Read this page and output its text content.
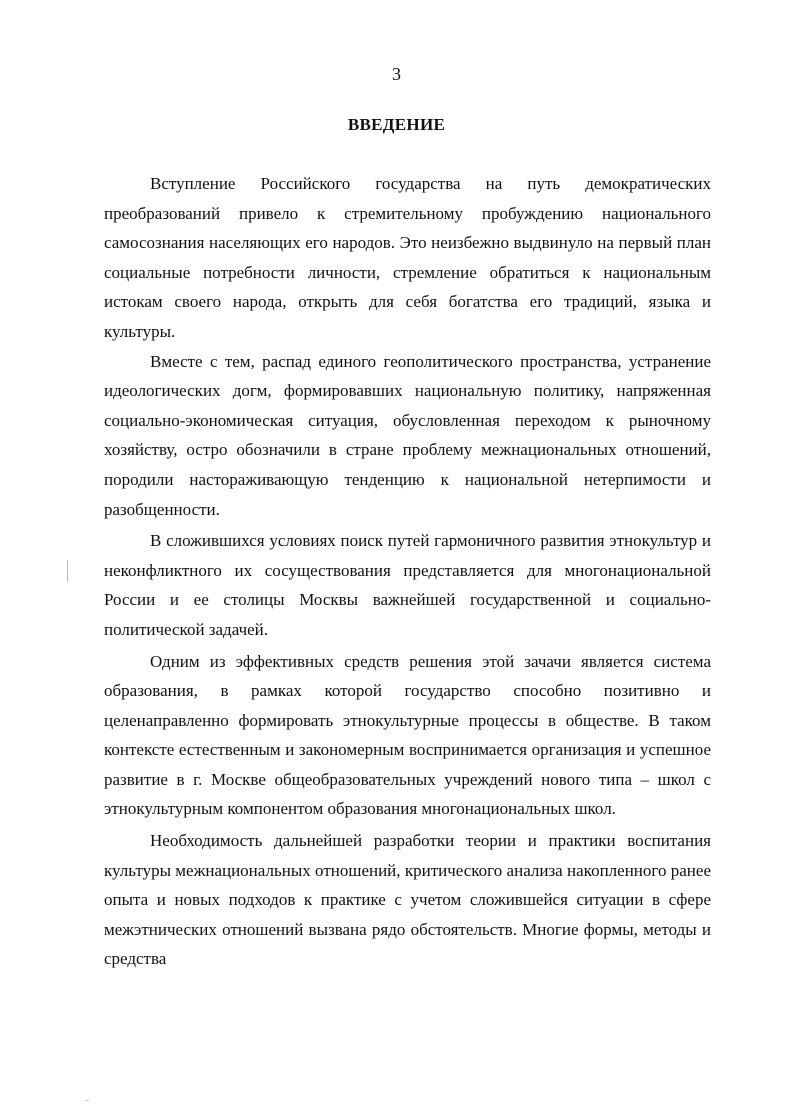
3
ВВЕДЕНИЕ

Вступление Российского государства на путь демократических преобразований привело к стремительному пробуждению национального самосознания населяющих его народов. Это неизбежно выдвинуло на первый план социальные потребности личности, стремление обратиться к национальным истокам своего народа, открыть для себя богатства его традиций, языка и культуры.

Вместе с тем, распад единого геополитического пространства, устранение идеологических догм, формировавших национальную политику, напряженная социально-экономическая ситуация, обусловленная переходом к рыночному хозяйству, остро обозначили в стране проблему межнациональных отношений, породили настораживающую тенденцию к национальной нетерпимости и разобщенности.

В сложившихся условиях поиск путей гармоничного развития этнокультур и неконфликтного их сосуществования представляется для многонациональной России и ее столицы Москвы важнейшей государственной и социально-политической задачей.

Одним из эффективных средств решения этой зачачи является система образования, в рамках которой государство способно позитивно и целенаправленно формировать этнокультурные процессы в обществе. В таком контексте естественным и закономерным воспринимается организация и успешное развитие в г. Москве общеобразовательных учреждений нового типа – школ с этнокультурным компонентом образования многонациональных школ.

Необходимость дальнейшей разработки теории и практики воспитания культуры межнациональных отношений, критического анализа накопленного ранее опыта и новых подходов к практике с учетом сложившейся ситуации в сфере межэтнических отношений вызвана рядо обстоятельств. Многие формы, методы и средства
